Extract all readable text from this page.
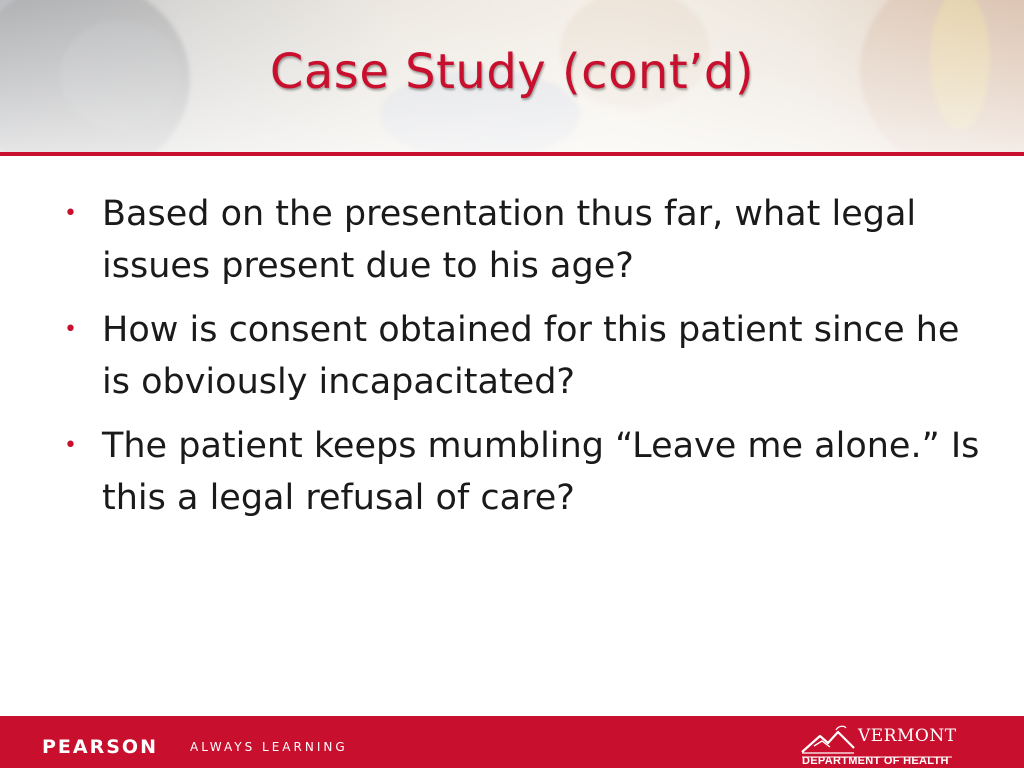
Case Study (cont’d)
• Based on the presentation thus far, what legal issues present due to his age?
• How is consent obtained for this patient since he is obviously incapacitated?
• The patient keeps mumbling “Leave me alone.” Is this a legal refusal of care?
PEARSON	ALWAYS LEARNING
VERMONT
DEPARTMENT OF HEALTH
